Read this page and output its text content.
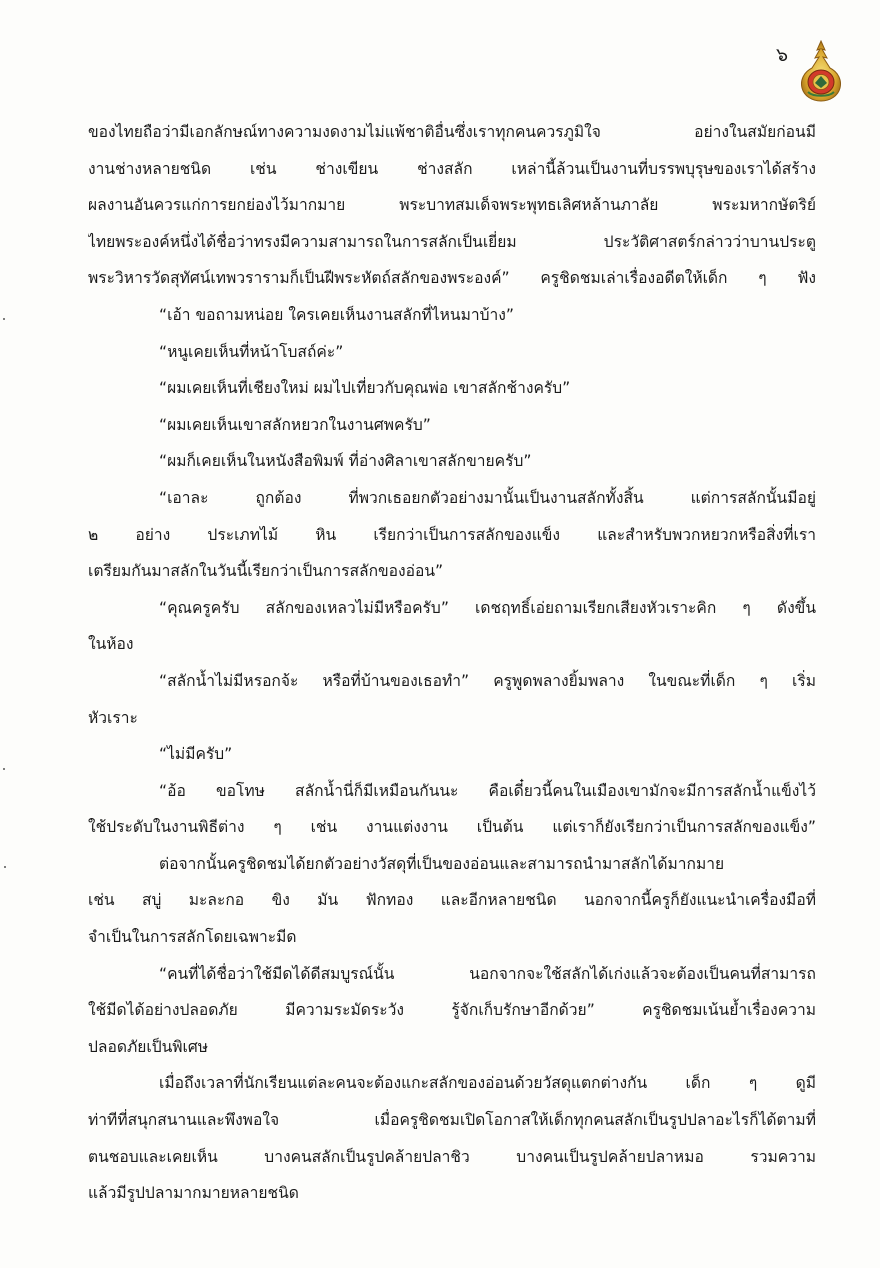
๖
ของไทยถือว่ามีเอกลักษณ์ทางความงดงามไม่แพ้ชาติอื่นซึ่งเราทุกคนควรภูมิใจ อย่างในสมัยก่อนมี
งานช่างหลายชนิด เช่น ช่างเขียน ช่างสลัก เหล่านี้ล้วนเป็นงานที่บรรพบุรุษของเราได้สร้าง
ผลงานอันควรแก่การยกย่องไว้มากมาย พระบาทสมเด็จพระพุทธเลิศหล้านภาลัย พระมหากษัตริย์
ไทยพระองค์หนึ่งได้ชื่อว่าทรงมีความสามารถในการสลักเป็นเยี่ยม ประวัติศาสตร์กล่าวว่าบานประตู
พระวิหารวัดสุทัศน์เทพวรารามก็เป็นฝีพระหัตถ์สลักของพระองค์” ครูชิดชมเล่าเรื่องอดีตให้เด็ก ๆ ฟัง
“เอ้า ขอถามหน่อย ใครเคยเห็นงานสลักที่ไหนมาบ้าง”
“หนูเคยเห็นที่หน้าโบสถ์ค่ะ”
“ผมเคยเห็นที่เชียงใหม่ ผมไปเที่ยวกับคุณพ่อ เขาสลักช้างครับ”
“ผมเคยเห็นเขาสลักหยวกในงานศพครับ”
“ผมก็เคยเห็นในหนังสือพิมพ์ ที่อ่างศิลาเขาสลักขายครับ”
“เอาละ ถูกต้อง ที่พวกเธอยกตัวอย่างมานั้นเป็นงานสลักทั้งสิ้น แต่การสลักนั้นมีอยู่
๒ อย่าง ประเภทไม้ หิน เรียกว่าเป็นการสลักของแข็ง และสำหรับพวกหยวกหรือสิ่งที่เรา
เตรียมกันมาสลักในวันนี้เรียกว่าเป็นการสลักของอ่อน”
“คุณครูครับ สลักของเหลวไม่มีหรือครับ” เดชฤทธิ์เอ่ยถามเรียกเสียงหัวเราะคิก ๆ ดังขึ้น
ในห้อง
“สลักน้ำไม่มีหรอกจ้ะ หรือที่บ้านของเธอทำ” ครูพูดพลางยิ้มพลาง ในขณะที่เด็ก ๆ เริ่ม
หัวเราะ
“ไม่มีครับ”
“อ้อ ขอโทษ สลักน้ำนี่ก็มีเหมือนกันนะ คือเดี๋ยวนี้คนในเมืองเขามักจะมีการสลักน้ำแข็งไว้
ใช้ประดับในงานพิธีต่าง ๆ เช่น งานแต่งงาน เป็นต้น แต่เราก็ยังเรียกว่าเป็นการสลักของแข็ง”
ต่อจากนั้นครูชิดชมได้ยกตัวอย่างวัสดุที่เป็นของอ่อนและสามารถนำมาสลักได้มากมาย
เช่น สบู่ มะละกอ ขิง มัน ฟักทอง และอีกหลายชนิด นอกจากนี้ครูก็ยังแนะนำเครื่องมือที่
จำเป็นในการสลักโดยเฉพาะมีด
“คนที่ได้ชื่อว่าใช้มีดได้ดีสมบูรณ์นั้น นอกจากจะใช้สลักได้เก่งแล้วจะต้องเป็นคนที่สามารถ
ใช้มีดได้อย่างปลอดภัย มีความระมัดระวัง รู้จักเก็บรักษาอีกด้วย” ครูชิดชมเน้นย้ำเรื่องความ
ปลอดภัยเป็นพิเศษ
เมื่อถึงเวลาที่นักเรียนแต่ละคนจะต้องแกะสลักของอ่อนด้วยวัสดุแตกต่างกัน เด็ก ๆ ดูมี
ท่าทีที่สนุกสนานและพึงพอใจ เมื่อครูชิดชมเปิดโอกาสให้เด็กทุกคนสลักเป็นรูปปลาอะไรก็ได้ตามที่
ตนชอบและเคยเห็น บางคนสลักเป็นรูปคล้ายปลาชิว บางคนเป็นรูปคล้ายปลาหมอ รวมความ
แล้วมีรูปปลามากมายหลายชนิด
